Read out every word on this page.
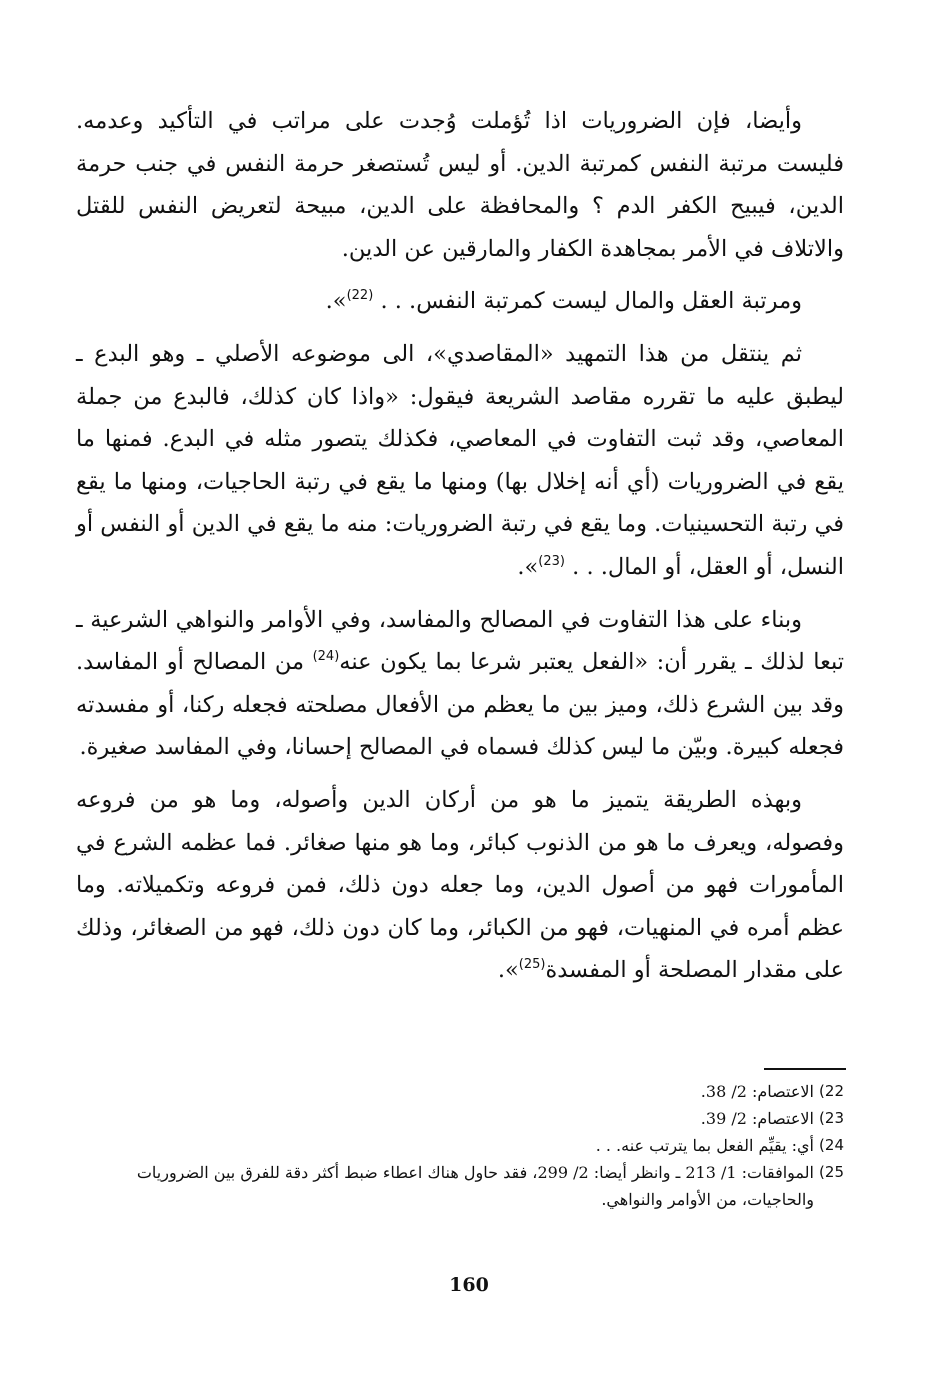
وأيضا، فإن الضروريات اذا تُؤملت وُجدت على مراتب في التأكيد وعدمه. فليست مرتبة النفس كمرتبة الدين. أو ليس تُستصغر حرمة النفس في جنب حرمة الدين، فيبيح الكفر الدم ؟ والمحافظة على الدين، مبيحة لتعريض النفس للقتل والاتلاف في الأمر بمجاهدة الكفار والمارقين عن الدين.

ومرتبة العقل والمال ليست كمرتبة النفس. . . $^{(22)}$».

ثم ينتقل من هذا التمهيد «المقاصدي»، الى موضوعه الأصلي ـ وهو البدع ـ ليطبق عليه ما تقرره مقاصد الشريعة فيقول: «واذا كان كذلك، فالبدع من جملة المعاصي، وقد ثبت التفاوت في المعاصي، فكذلك يتصور مثله في البدع. فمنها ما يقع في الضروريات (أي أنه إخلال بها) ومنها ما يقع في رتبة الحاجيات، ومنها ما يقع في رتبة التحسينيات. وما يقع في رتبة الضروريات: منه ما يقع في الدين أو النفس أو النسل، أو العقل، أو المال. . . $^{(23)}$».

وبناء على هذا التفاوت في المصالح والمفاسد، وفي الأوامر والنواهي الشرعية ـ تبعا لذلك ـ يقرر أن: «الفعل يعتبر شرعا بما يكون عنه$^{(24)}$ من المصالح أو المفاسد. وقد بين الشرع ذلك، وميز بين ما يعظم من الأفعال مصلحته فجعله ركنا، أو مفسدته فجعله كبيرة. وبيّن ما ليس كذلك فسماه في المصالح إحسانا، وفي المفاسد صغيرة.

وبهذه الطريقة يتميز ما هو من أركان الدين وأصوله، وما هو من فروعه وفصوله، ويعرف ما هو من الذنوب كبائر، وما هو منها صغائر. فما عظمه الشرع في المأمورات فهو من أصول الدين، وما جعله دون ذلك، فمن فروعه وتكميلاته. وما عظم أمره في المنهيات، فهو من الكبائر، وما كان دون ذلك، فهو من الصغائر، وذلك على مقدار المصلحة أو المفسدة$^{(25)}$».

22)
الاعتصام: 2/ 38.
23)
الاعتصام: 2/ 39.
24)
أي: يقيِّم الفعل بما يترتب عنه. . .
25)
الموافقات: 1/ 213 ـ وانظر أيضا: 2/ 299، فقد حاول هناك اعطاء ضبط أكثر دقة للفرق بين الضروريات والحاجيات، من الأوامر والنواهي.
160
